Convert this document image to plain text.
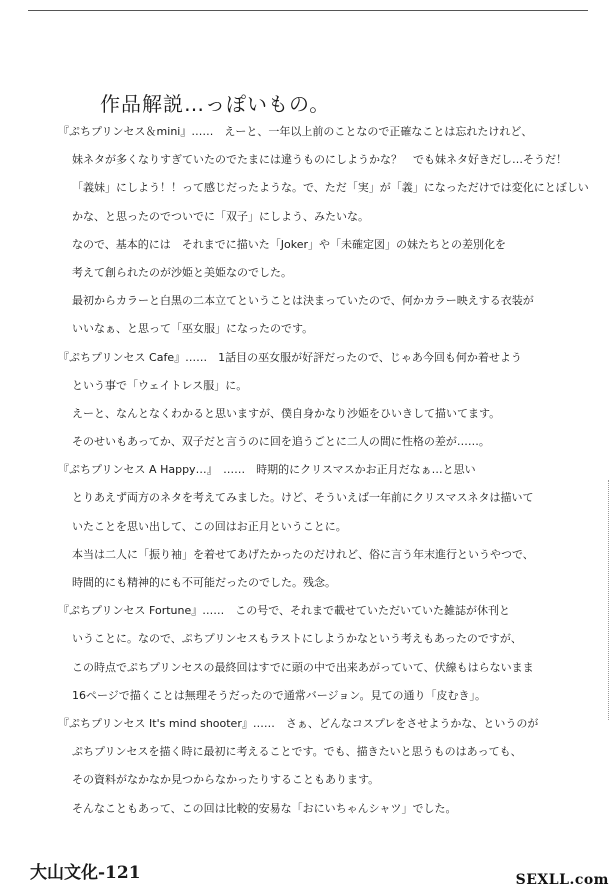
作品解説…っぽいもの。
『ぷちプリンセス＆mini』……　えーと、一年以上前のことなので正確なことは忘れたけれど、
妹ネタが多くなりすぎていたのでたまには違うものにしようかな？　でも妹ネタ好きだし…そうだ！
「義妹」にしよう！！って感じだったような。で、ただ「実」が「義」になっただけでは変化にとぼしい
かな、と思ったのでついでに「双子」にしよう、みたいな。
なので、基本的には　それまでに描いた「Joker」や「未確定図」の妹たちとの差別化を
考えて創られたのが沙姫と美姫なのでした。
最初からカラーと白黒の二本立てということは決まっていたので、何かカラー映えする衣装が
いいなぁ、と思って「巫女服」になったのです。
『ぷちプリンセス Cafe』……　1話目の巫女服が好評だったので、じゃあ今回も何か着せよう
という事で「ウェイトレス服」に。
えーと、なんとなくわかると思いますが、僕自身かなり沙姫をひいきして描いてます。
そのせいもあってか、双子だと言うのに回を追うごとに二人の間に性格の差が……。
『ぷちプリンセス A Happy…』　……　時期的にクリスマスかお正月だなぁ…と思い
とりあえず両方のネタを考えてみました。けど、そういえば一年前にクリスマスネタは描いて
いたことを思い出して、この回はお正月ということに。
本当は二人に「振り袖」を着せてあげたかったのだけれど、俗に言う年末進行というやつで、
時間的にも精神的にも不可能だったのでした。残念。
『ぷちプリンセス Fortune』……　この号で、それまで載せていただいていた雑誌が休刊と
いうことに。なので、ぷちプリンセスもラストにしようかなという考えもあったのですが、
この時点でぷちプリンセスの最終回はすでに頭の中で出来あがっていて、伏線もはらないまま
16ページで描くことは無理そうだったので通常バージョン。見ての通り「皮むき」。
『ぷちプリンセス It's mind shooter』……　さぁ、どんなコスプレをさせようかな、というのが
ぷちプリンセスを描く時に最初に考えることです。でも、描きたいと思うものはあっても、
その資料がなかなか見つからなかったりすることもあります。
そんなこともあって、この回は比較的安易な「おにいちゃんシャツ」でした。
大山文化-121	SEXLL.com
